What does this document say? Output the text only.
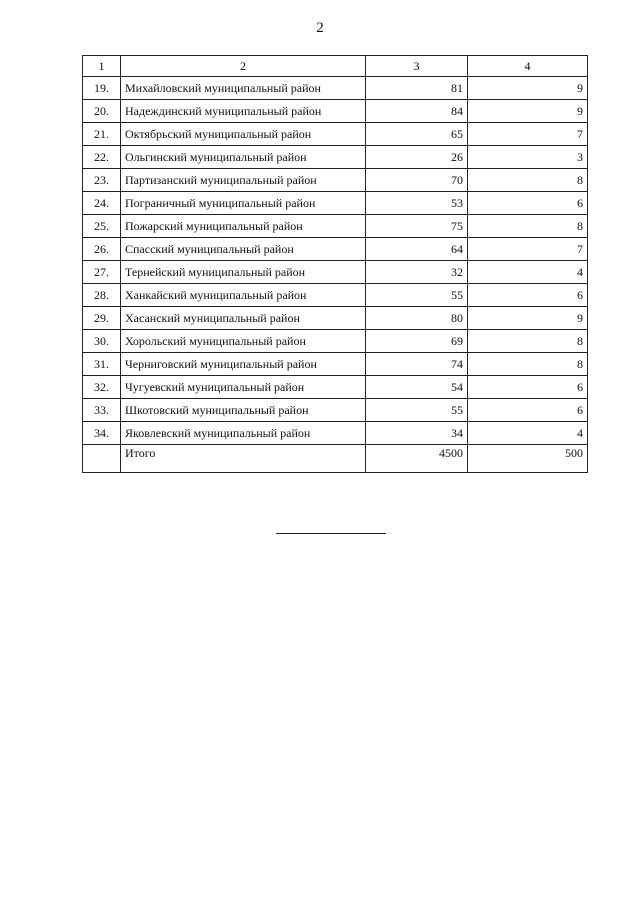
2
1	2	3	4
19.	Михайловский муниципальный район	81	9
20.	Надеждинский муниципальный район	84	9
21.	Октябрьский муниципальный район	65	7
22.	Ольгинский муниципальный район	26	3
23.	Партизанский муниципальный район	70	8
24.	Пограничный муниципальный район	53	6
25.	Пожарский муниципальный район	75	8
26.	Спасский муниципальный район	64	7
27.	Тернейский муниципальный район	32	4
28.	Ханкайский муниципальный район	55	6
29.	Хасанский муниципальный район	80	9
30.	Хорольский муниципальный район	69	8
31.	Черниговский муниципальный район	74	8
32.	Чугуевский муниципальный район	54	6
33.	Шкотовский муниципальный район	55	6
34.	Яковлевский муниципальный район	34	4
	Итого	4500	500
